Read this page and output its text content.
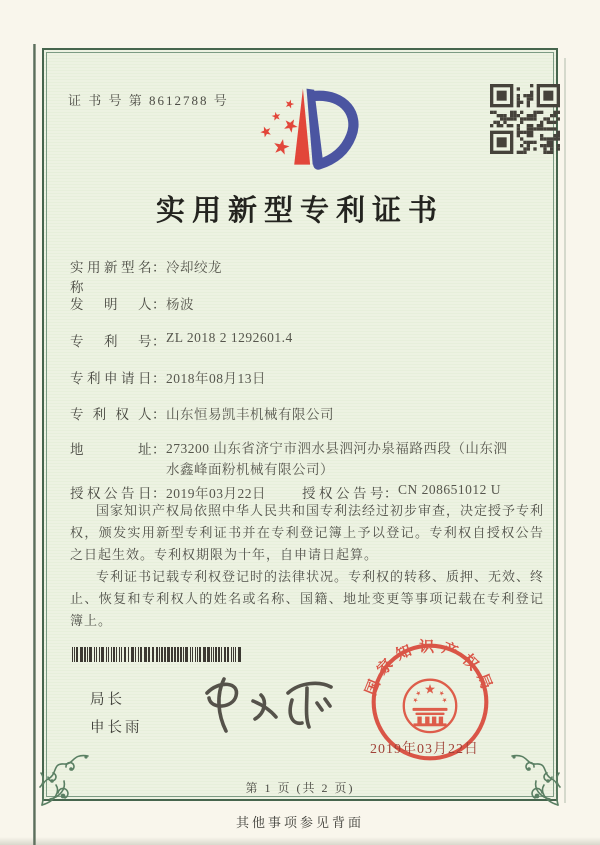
证 书 号 第 8612788 号
实用新型专利证书
实用新型名称
： 冷却绞龙
发明人 ： 杨波
专利号 ： ZL 2018 2 1292601.4
专利申请日 ： 2018年08月13日
专利权人 ： 山东恒易凯丰机械有限公司
地址 ： 273200 山东省济宁市泗水县泗河办泉福路西段（山东泗
水鑫峰面粉机械有限公司）
授权公告日 ： 2019年03月22日	授权公告号 ： CN 208651012 U

国家知识产权局依照中华人民共和国专利法经过初步审查，决定授予专利权，颁发实用新型专利证书并在专利登记簿上予以登记。专利权自授权公告之日起生效。专利权期限为十年，自申请日起算。

专利证书记载专利权登记时的法律状况。专利权的转移、质押、无效、终止、恢复和专利权人的姓名或名称、国籍、地址变更等事项记载在专利登记簿上。

局长
申长雨
国家知识产权局
2019年03月22日
第 1 页 (共 2 页)
其他事项参见背面
